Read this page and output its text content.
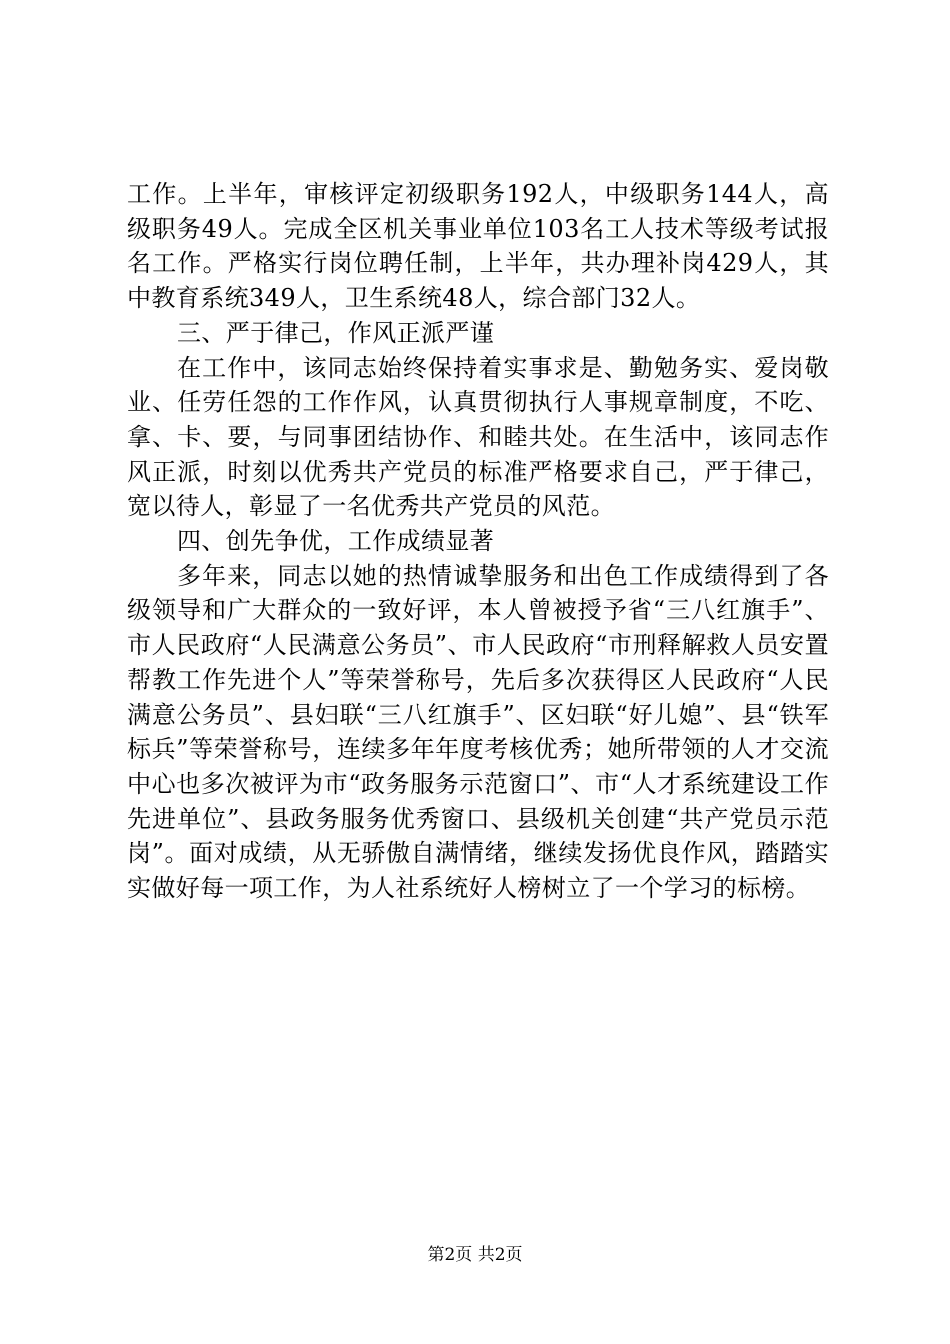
工作。上半年，审核评定初级职务192人，中级职务144人，高级职务49人。完成全区机关事业单位103名工人技术等级考试报名工作。严格实行岗位聘任制，上半年，共办理补岗429人，其中教育系统349人，卫生系统48人，综合部门32人。

三、严于律己，作风正派严谨

在工作中，该同志始终保持着实事求是、勤勉务实、爱岗敬业、任劳任怨的工作作风，认真贯彻执行人事规章制度，不吃、拿、卡、要，与同事团结协作、和睦共处。在生活中，该同志作风正派，时刻以优秀共产党员的标准严格要求自己，严于律己，宽以待人，彰显了一名优秀共产党员的风范。

四、创先争优，工作成绩显著

多年来，同志以她的热情诚挚服务和出色工作成绩得到了各级领导和广大群众的一致好评，本人曾被授予省“三八红旗手”、市人民政府“人民满意公务员”、市人民政府“市刑释解救人员安置帮教工作先进个人”等荣誉称号，先后多次获得区人民政府“人民满意公务员”、县妇联“三八红旗手”、区妇联“好儿媳”、县“铁军标兵”等荣誉称号，连续多年年度考核优秀；她所带领的人才交流中心也多次被评为市“政务服务示范窗口”、市“人才系统建设工作先进单位”、县政务服务优秀窗口、县级机关创建“共产党员示范岗”。面对成绩，从无骄傲自满情绪，继续发扬优良作风，踏踏实实做好每一项工作，为人社系统好人榜树立了一个学习的标榜。

第2页 共2页
